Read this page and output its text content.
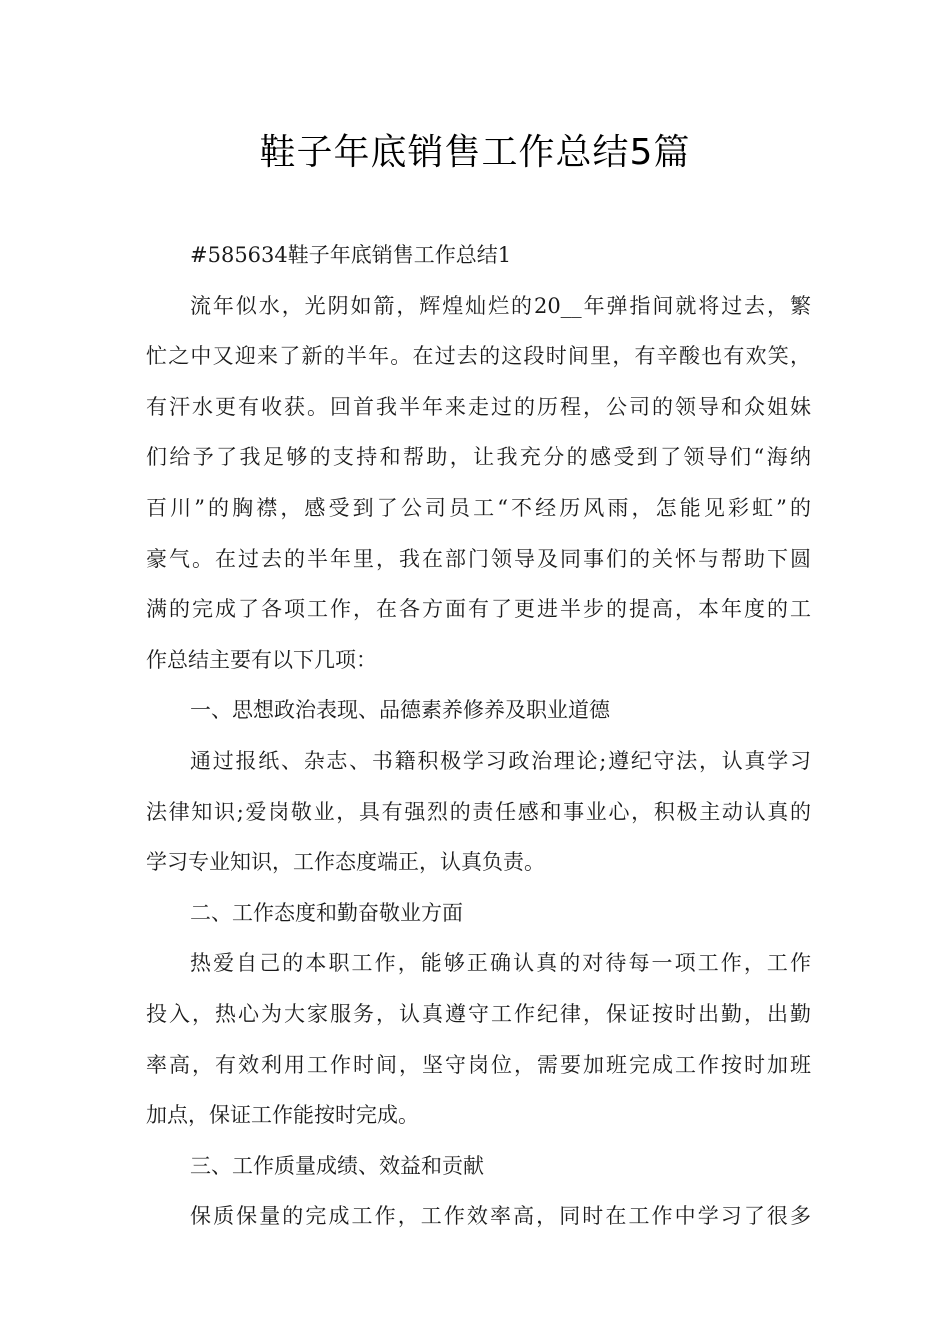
鞋子年底销售工作总结5篇
#585634鞋子年底销售工作总结1
流年似水，光阴如箭，辉煌灿烂的20__年弹指间就将过去，繁
忙之中又迎来了新的半年。在过去的这段时间里，有辛酸也有欢笑，
有汗水更有收获。回首我半年来走过的历程，公司的领导和众姐妹
们给予了我足够的支持和帮助，让我充分的感受到了领导们“海纳
百川”的胸襟，感受到了公司员工“不经历风雨，怎能见彩虹”的
豪气。在过去的半年里，我在部门领导及同事们的关怀与帮助下圆
满的完成了各项工作，在各方面有了更进半步的提高，本年度的工
作总结主要有以下几项：
一、思想政治表现、品德素养修养及职业道德
通过报纸、杂志、书籍积极学习政治理论;遵纪守法，认真学习
法律知识;爱岗敬业，具有强烈的责任感和事业心，积极主动认真的
学习专业知识，工作态度端正，认真负责。
二、工作态度和勤奋敬业方面
热爱自己的本职工作，能够正确认真的对待每一项工作，工作
投入，热心为大家服务，认真遵守工作纪律，保证按时出勤，出勤
率高，有效利用工作时间，坚守岗位，需要加班完成工作按时加班
加点，保证工作能按时完成。
三、工作质量成绩、效益和贡献
保质保量的完成工作，工作效率高，同时在工作中学习了很多
